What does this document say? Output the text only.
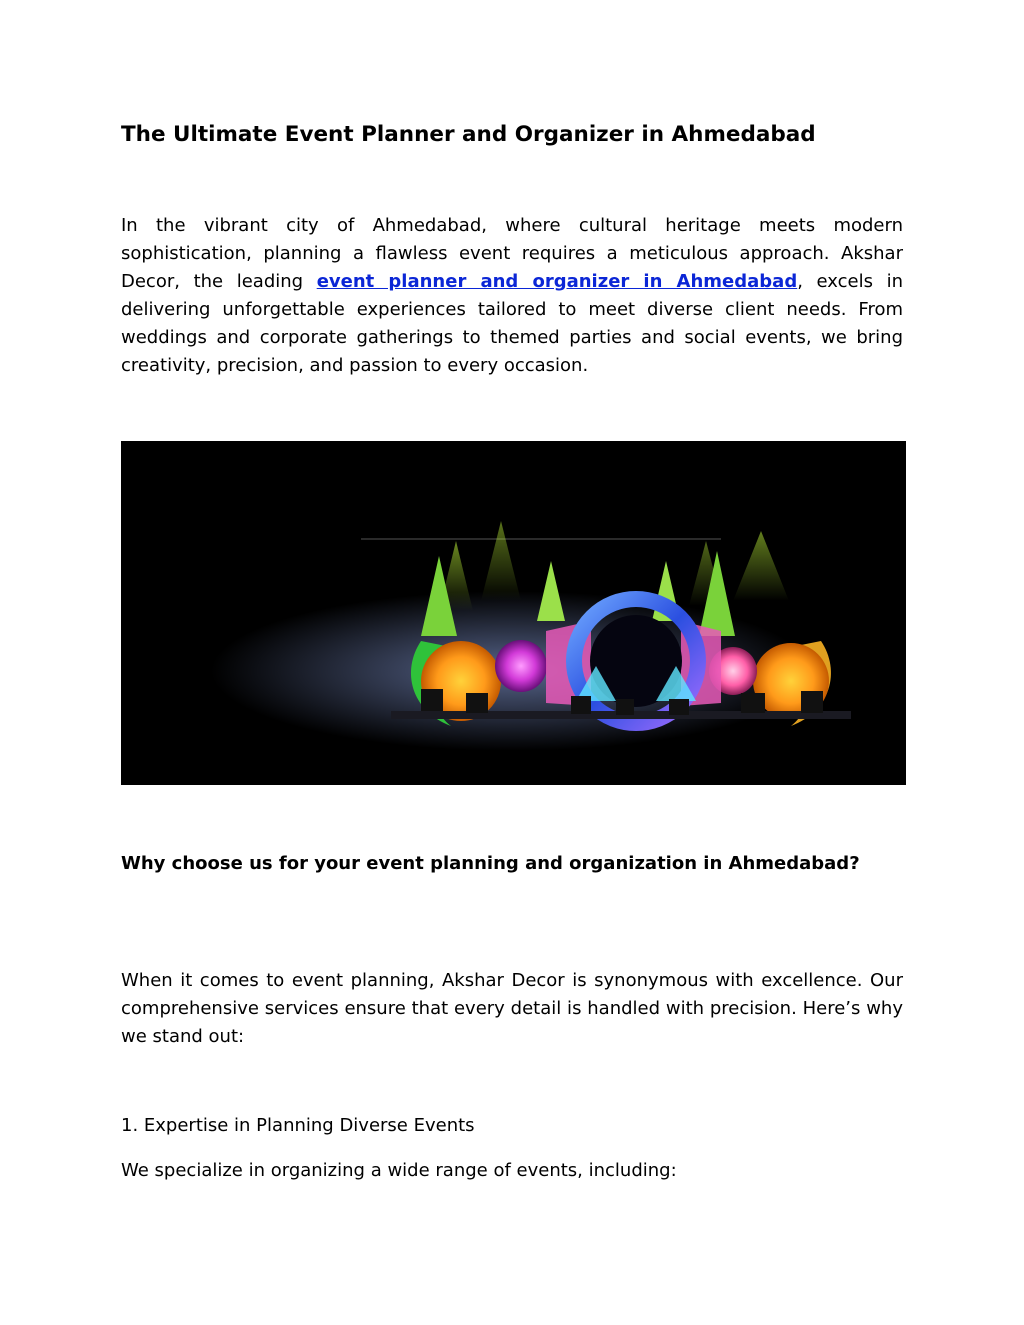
The Ultimate Event Planner and Organizer in Ahmedabad

In the vibrant city of Ahmedabad, where cultural heritage meets modern sophistication, planning a flawless event requires a meticulous approach. Akshar Decor, the leading event planner and organizer in Ahmedabad, excels in delivering unforgettable experiences tailored to meet diverse client needs. From weddings and corporate gatherings to themed parties and social events, we bring creativity, precision, and passion to every occasion.

Why choose us for your event planning and organization in Ahmedabad?

When it comes to event planning, Akshar Decor is synonymous with excellence. Our comprehensive services ensure that every detail is handled with precision. Here’s why we stand out:

1. Expertise in Planning Diverse Events

We specialize in organizing a wide range of events, including:
